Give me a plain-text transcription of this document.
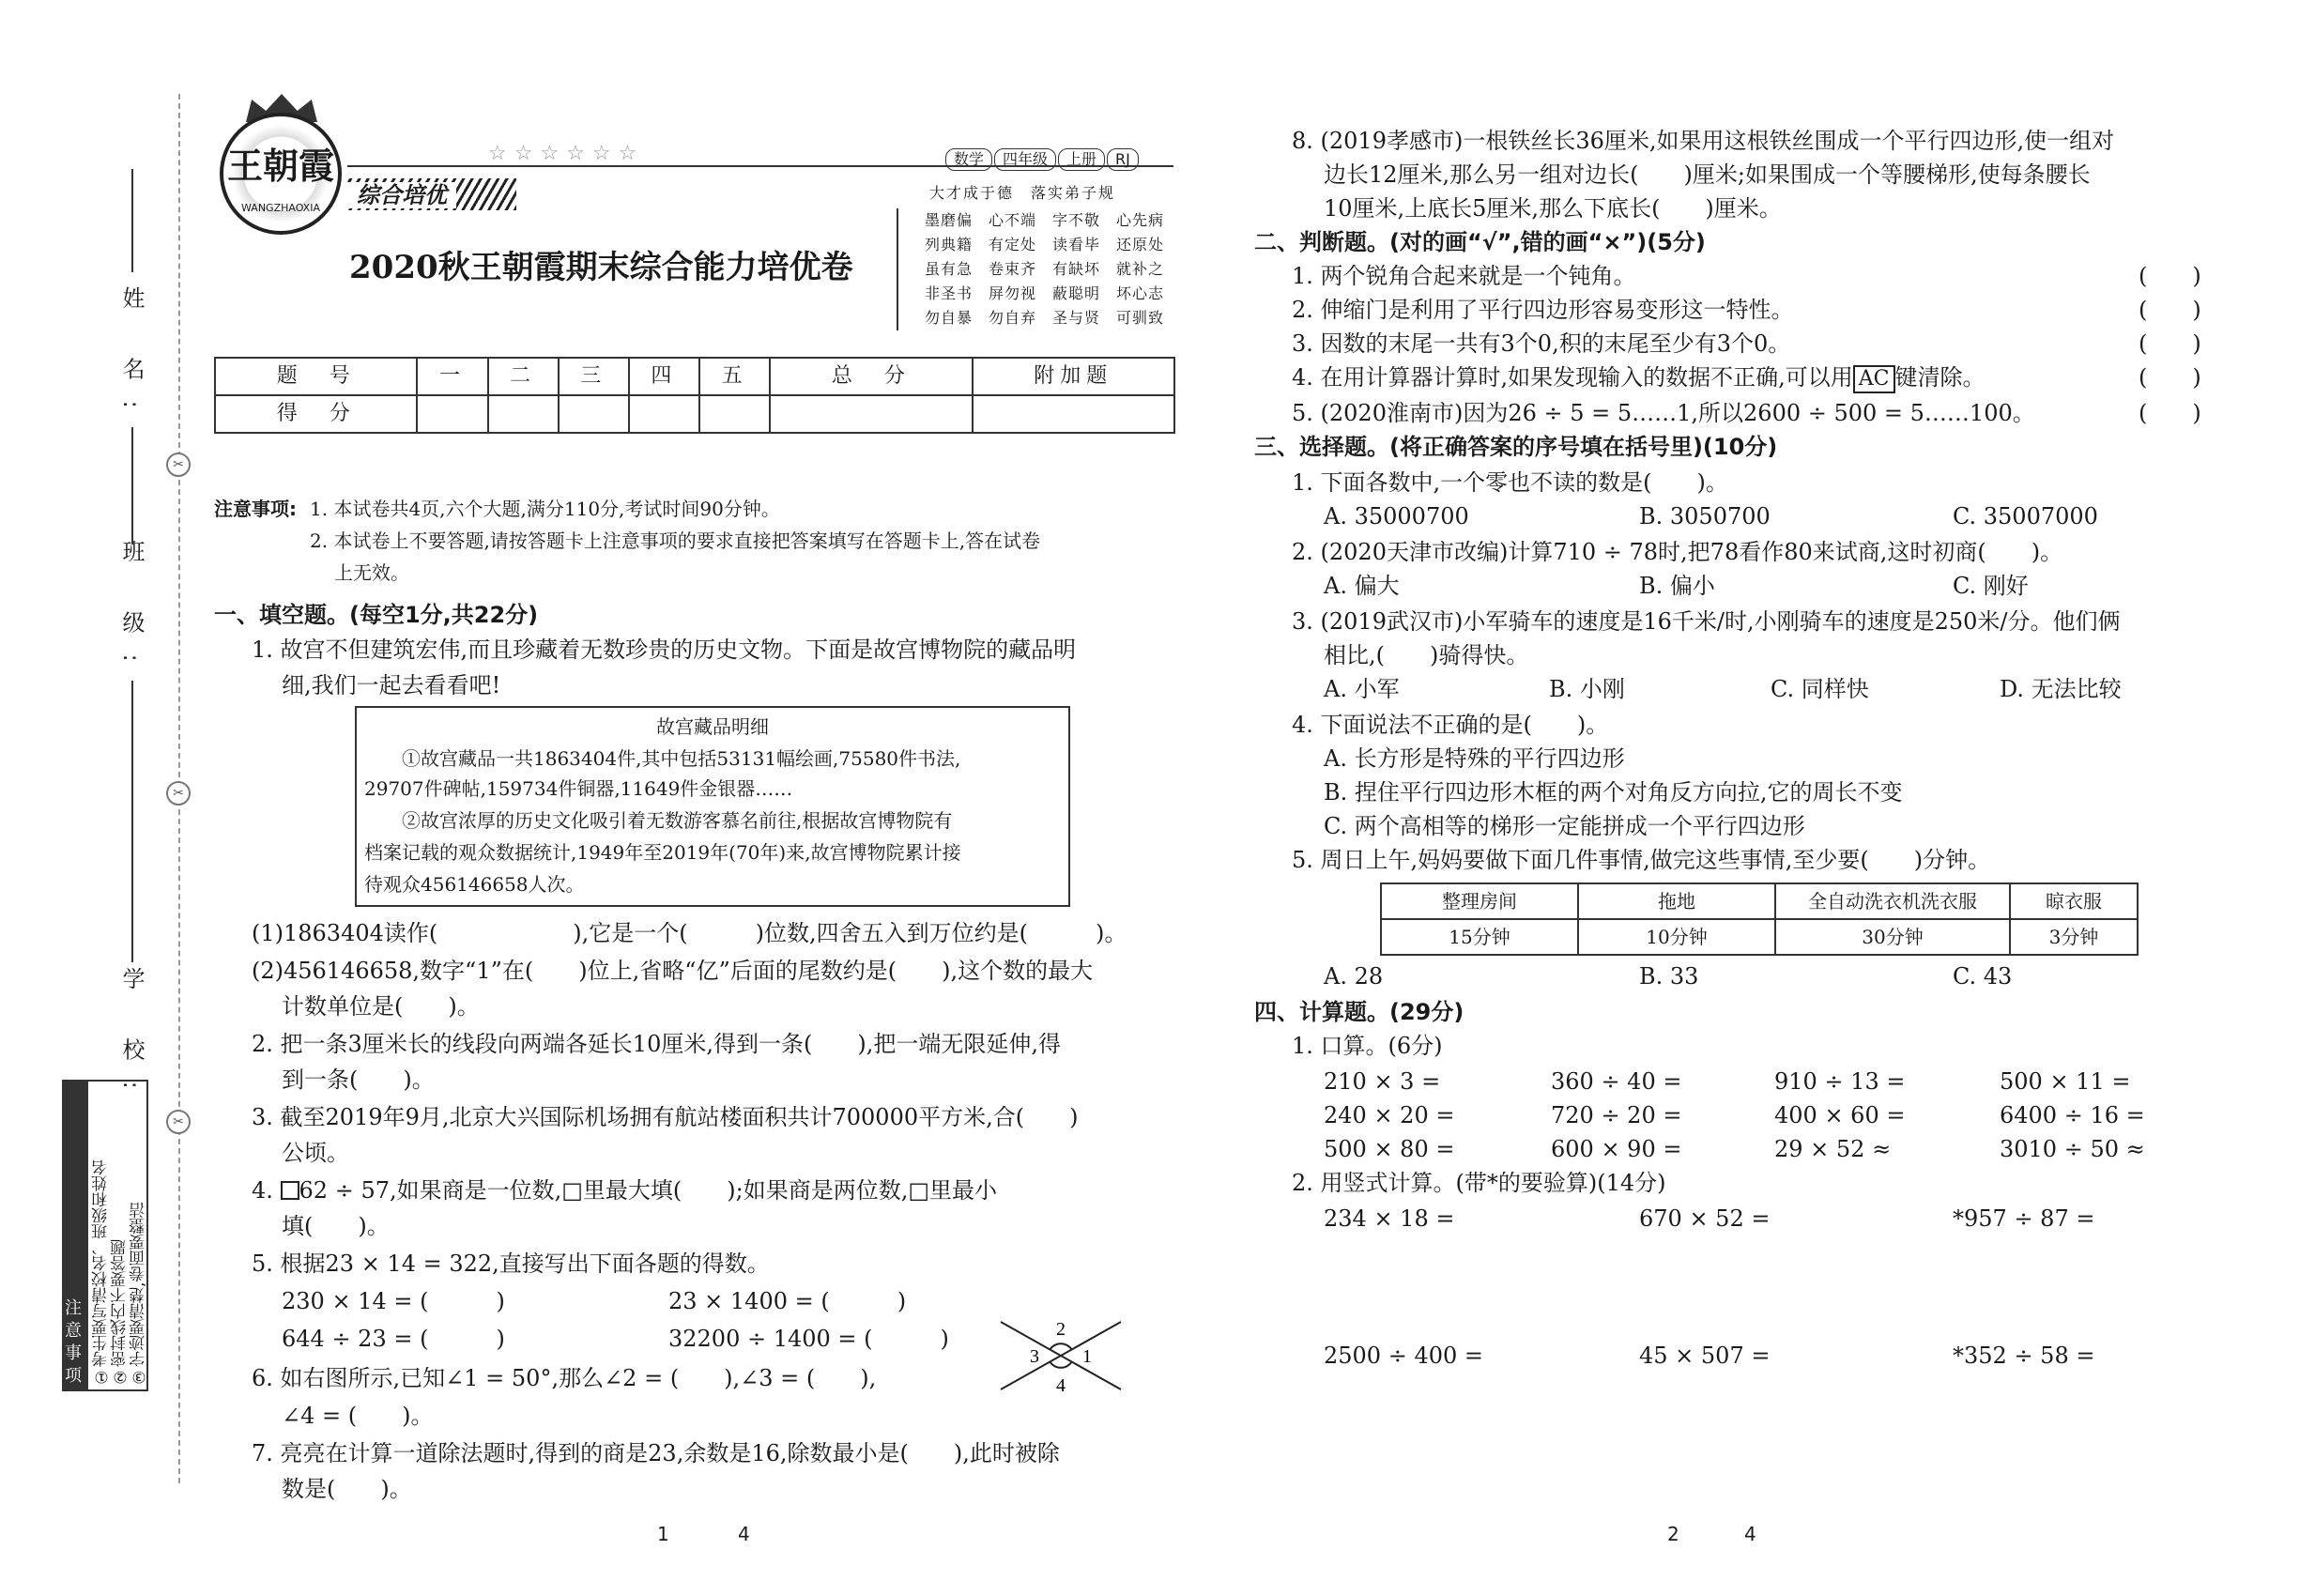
姓 名:
班 级:
学 校:
✂
✂
✂
注意事项 ①考生要写清校名、班级和姓名 ②密封线内不要答题 ③字迹要清楚,卷面要整洁
王朝霞
WANGZHAOXIA
☆☆☆☆☆☆	数学 四年级 上册 RJ
综合培优	大才成于德　落实弟子规
墨磨偏　心不端　字不敬　心先病
列典籍　有定处　读看毕　还原处
虽有急　卷束齐　有缺坏　就补之
非圣书　屏勿视　蔽聪明　坏心志
勿自暴　勿自弃　圣与贤　可驯致
2020秋王朝霞期末综合能力培优卷
题　号	一	二	三	四	五	总　分	附加题
得　分							
注意事项: 1. 本试卷共4页,六个大题,满分110分,考试时间90分钟。
2. 本试卷上不要答题,请按答题卡上注意事项的要求直接把答案填写在答题卡上,答在试卷
上无效。
一、填空题。(每空1分,共22分)
1. 故宫不但建筑宏伟,而且珍藏着无数珍贵的历史文物。下面是故宫博物院的藏品明
细,我们一起去看看吧!
故宫藏品明细
①故宫藏品一共1863404件,其中包括53131幅绘画,75580件书法,
29707件碑帖,159734件铜器,11649件金银器……
②故宫浓厚的历史文化吸引着无数游客慕名前往,根据故宫博物院有
档案记载的观众数据统计,1949年至2019年(70年)来,故宫博物院累计接
待观众456146658人次。
(1)1863404读作(　　　　　　),它是一个(　　　)位数,四舍五入到万位约是(　　　)。
(2)456146658,数字“1”在(　　)位上,省略“亿”后面的尾数约是(　　),这个数的最大
计数单位是(　　)。
2. 把一条3厘米长的线段向两端各延长10厘米,得到一条(　　),把一端无限延伸,得
到一条(　　)。
3. 截至2019年9月,北京大兴国际机场拥有航站楼面积共计700000平方米,合(　　)
公顷。
4. 62 ÷ 57,如果商是一位数,□里最大填(　　);如果商是两位数,□里最小
填(　　)。
5. 根据23 × 14 = 322,直接写出下面各题的得数。
230 × 14 = (　　　)	23 × 1400 = (　　　)
644 ÷ 23 = (　　　)	32200 ÷ 1400 = (　　　)
6. 如右图所示,已知∠1 = 50°,那么∠2 = (　　),∠3 = (　　),
∠4 = (　　)。
2
1
3
4
7. 亮亮在计算一道除法题时,得到的商是23,余数是16,除数最小是(　　),此时被除
数是(　　)。
1	4
8. (2019孝感市)一根铁丝长36厘米,如果用这根铁丝围成一个平行四边形,使一组对
边长12厘米,那么另一组对边长(　　)厘米;如果围成一个等腰梯形,使每条腰长
10厘米,上底长5厘米,那么下底长(　　)厘米。
二、判断题。(对的画“√”,错的画“×”)(5分)
1. 两个锐角合起来就是一个钝角。	(　　)
2. 伸缩门是利用了平行四边形容易变形这一特性。	(　　)
3. 因数的末尾一共有3个0,积的末尾至少有3个0。	(　　)
4. 在用计算器计算时,如果发现输入的数据不正确,可以用 AC 键清除。	(　　)
5. (2020淮南市)因为26 ÷ 5 = 5……1,所以2600 ÷ 500 = 5……100。	(　　)
三、选择题。(将正确答案的序号填在括号里)(10分)
1. 下面各数中,一个零也不读的数是(　　)。
A. 35000700	B. 3050700	C. 35007000
2. (2020天津市改编)计算710 ÷ 78时,把78看作80来试商,这时初商(　　)。
A. 偏大	B. 偏小	C. 刚好
3. (2019武汉市)小军骑车的速度是16千米/时,小刚骑车的速度是250米/分。他们俩
相比,(　　)骑得快。
A. 小军	B. 小刚	C. 同样快	D. 无法比较
4. 下面说法不正确的是(　　)。
A. 长方形是特殊的平行四边形
B. 捏住平行四边形木框的两个对角反方向拉,它的周长不变
C. 两个高相等的梯形一定能拼成一个平行四边形
5. 周日上午,妈妈要做下面几件事情,做完这些事情,至少要(　　)分钟。
整理房间	拖地	全自动洗衣机洗衣服	晾衣服
15分钟	10分钟	30分钟	3分钟
A. 28	B. 33	C. 43
四、计算题。(29分)
1. 口算。(6分)
210 × 3 =	360 ÷ 40 =	910 ÷ 13 =	500 × 11 =
240 × 20 =	720 ÷ 20 =	400 × 60 =	6400 ÷ 16 =
500 × 80 =	600 × 90 =	29 × 52 ≈	3010 ÷ 50 ≈
2. 用竖式计算。(带*的要验算)(14分)
234 × 18 =	670 × 52 =	*957 ÷ 87 =
2500 ÷ 400 =	45 × 507 =	*352 ÷ 58 =
2	4
